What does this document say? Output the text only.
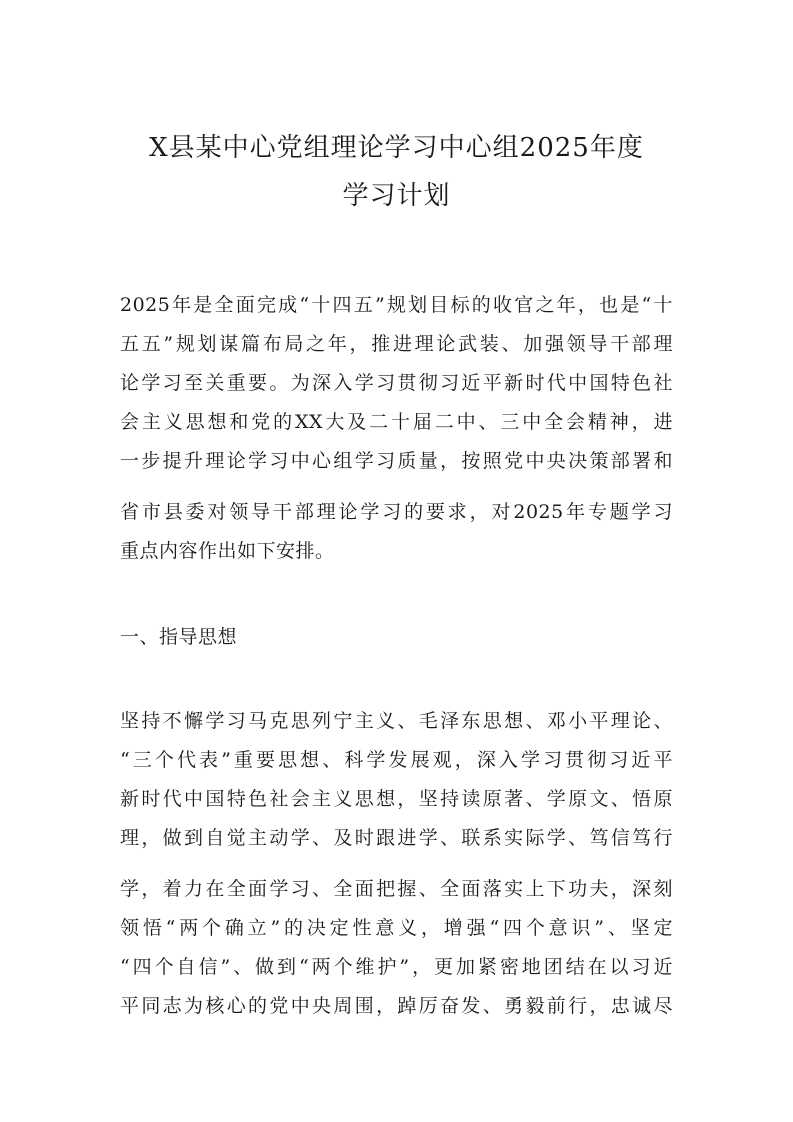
X县某中心党组理论学习中心组2025年度
学习计划
2025年是全面完成“十四五”规划目标的收官之年，也是“十
五五”规划谋篇布局之年，推进理论武装、加强领导干部理
论学习至关重要。为深入学习贯彻习近平新时代中国特色社
会主义思想和党的XX大及二十届二中、三中全会精神，进
一步提升理论学习中心组学习质量，按照党中央决策部署和
省市县委对领导干部理论学习的要求，对2025年专题学习
重点内容作出如下安排。
一、指导思想
坚持不懈学习马克思列宁主义、毛泽东思想、邓小平理论、
“三个代表”重要思想、科学发展观，深入学习贯彻习近平
新时代中国特色社会主义思想，坚持读原著、学原文、悟原
理，做到自觉主动学、及时跟进学、联系实际学、笃信笃行
学，着力在全面学习、全面把握、全面落实上下功夫，深刻
领悟“两个确立”的决定性意义，增强“四个意识”、坚定
“四个自信”、做到“两个维护”，更加紧密地团结在以习近
平同志为核心的党中央周围，踔厉奋发、勇毅前行，忠诚尽
